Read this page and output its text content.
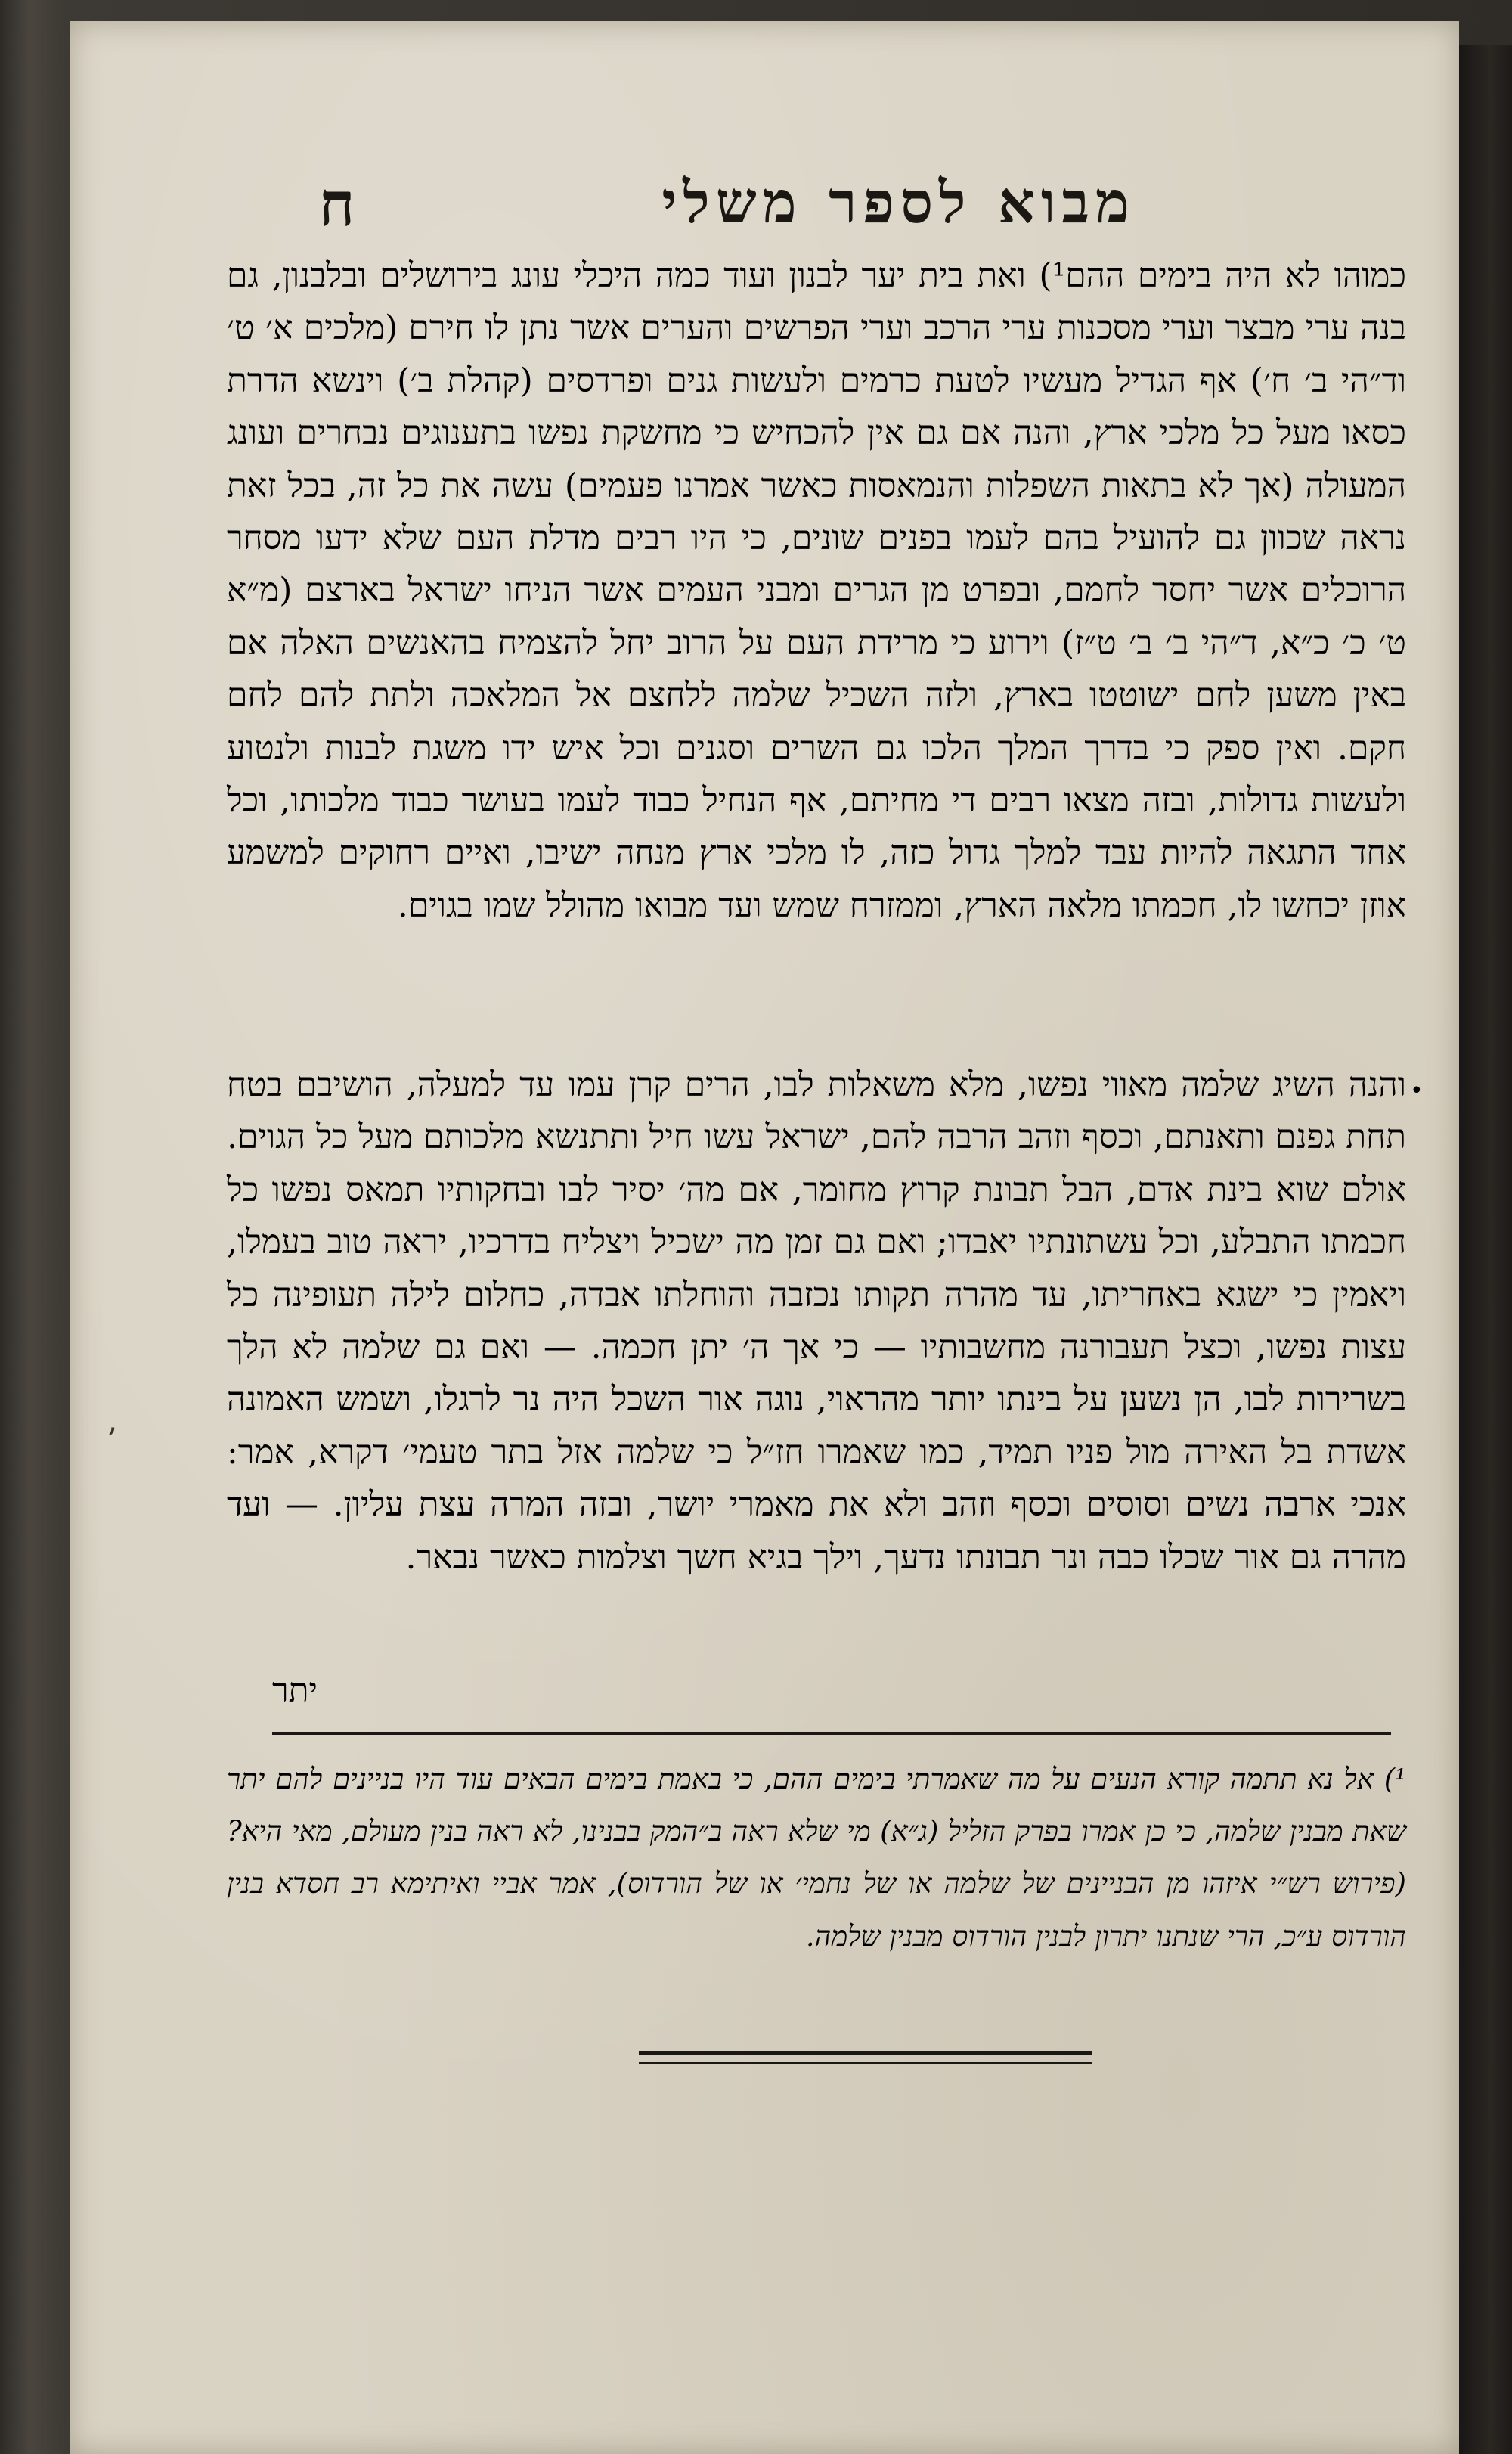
ח	מבוא לספר משלי
כמוהו לא היה בימים ההם¹) ואת בית יער לבנון ועוד כמה היכלי עונג בירושלים ובלבנון, גם בנה ערי מבצר וערי מסכנות ערי הרכב וערי הפרשים והערים אשר נתן לו חירם (מלכים א׳ ט׳ וד״הי ב׳ ח׳) אף הגדיל מעשיו לטעת כרמים ולעשות גנים ופרדסים (קהלת ב׳) וינשא הדרת כסאו מעל כל מלכי ארץ, והנה אם גם אין להכחיש כי מחשקת נפשו בתענוגים נבחרים ועונג המעולה (אך לא בתאות השפלות והנמאסות כאשר אמרנו פעמים) עשה את כל זה, בכל זאת נראה שכוון גם להועיל בהם לעמו בפנים שונים, כי היו רבים מדלת העם שלא ידעו מסחר הרוכלים אשר יחסר לחמם, ובפרט מן הגרים ומבני העמים אשר הניחו ישראל בארצם (מ״א ט׳ כ׳ כ״א, ד״הי ב׳ ב׳ ט״ז) וירוע כי מרידת העם על הרוב יחל להצמיח בהאנשים האלה אם באין משען לחם ישוטטו בארץ, ולזה השכיל שלמה ללחצם אל המלאכה ולתת להם לחם חקם. ואין ספק כי בדרך המלך הלכו גם השרים וסגנים וכל איש ידו משגת לבנות ולנטוע ולעשות גדולות, ובזה מצאו רבים די מחיתם, אף הנחיל כבוד לעמו בעושר כבוד מלכותו, וכל אחד התגאה להיות עבד למלך גדול כזה, לו מלכי ארץ מנחה ישיבו, ואיים רחוקים למשמע אוזן יכחשו לו, חכמתו מלאה הארץ, וממזרח שמש ועד מבואו מהולל שמו בגוים.
•
והנה השיג שלמה מאווי נפשו, מלא משאלות לבו, הרים קרן עמו עד למעלה, הושיבם בטח תחת גפנם ותאנתם, וכסף וזהב הרבה להם, ישראל עשו חיל ותתנשא מלכותם מעל כל הגוים. אולם שוא בינת אדם, הבל תבונת קרוץ מחומר, אם מה׳ יסיר לבו ובחקותיו תמאס נפשו כל חכמתו התבלע, וכל עשתונתיו יאבדו; ואם גם זמן מה ישכיל ויצליח בדרכיו, יראה טוב בעמלו, ויאמין כי ישגא באחריתו, עד מהרה תקותו נכזבה והוחלתו אבדה, כחלום לילה תעופינה כל עצות נפשו, וכצל תעבורנה מחשבותיו — כי אך ה׳ יתן חכמה. — ואם גם שלמה לא הלך בשרירות לבו, הן נשען על בינתו יותר מהראוי, נוגה אור השכל היה נר לרגלו, ושמש האמונה אשדת בל האירה מול פניו תמיד, כמו שאמרו חז״ל כי שלמה אזל בתר טעמי׳ דקרא, אמר: אנכי ארבה נשים וסוסים וכסף וזהב ולא את מאמרי יושר, ובזה המרה עצת עליון. — ועד מהרה גם אור שכלו כבה ונר תבונתו נדעך, וילך בגיא חשך וצלמות כאשר נבאר.
יתר
¹) אל נא תתמה קורא הנעים על מה שאמרתי בימים ההם, כי באמת בימים הבאים עוד היו בניינים להם יתר שאת מבנין שלמה, כי כן אמרו בפרק הזליל (ג״א) מי שלא ראה ב״המק בבנינו, לא ראה בנין מעולם, מאי היא? (פירוש רש״י איזהו מן הבניינים של שלמה או של נחמי׳ או של הורדוס), אמר אביי ואיתימא רב חסדא בנין הורדוס ע״כ, הרי שנתנו יתרון לבנין הורדוס מבנין שלמה.
ʼ
